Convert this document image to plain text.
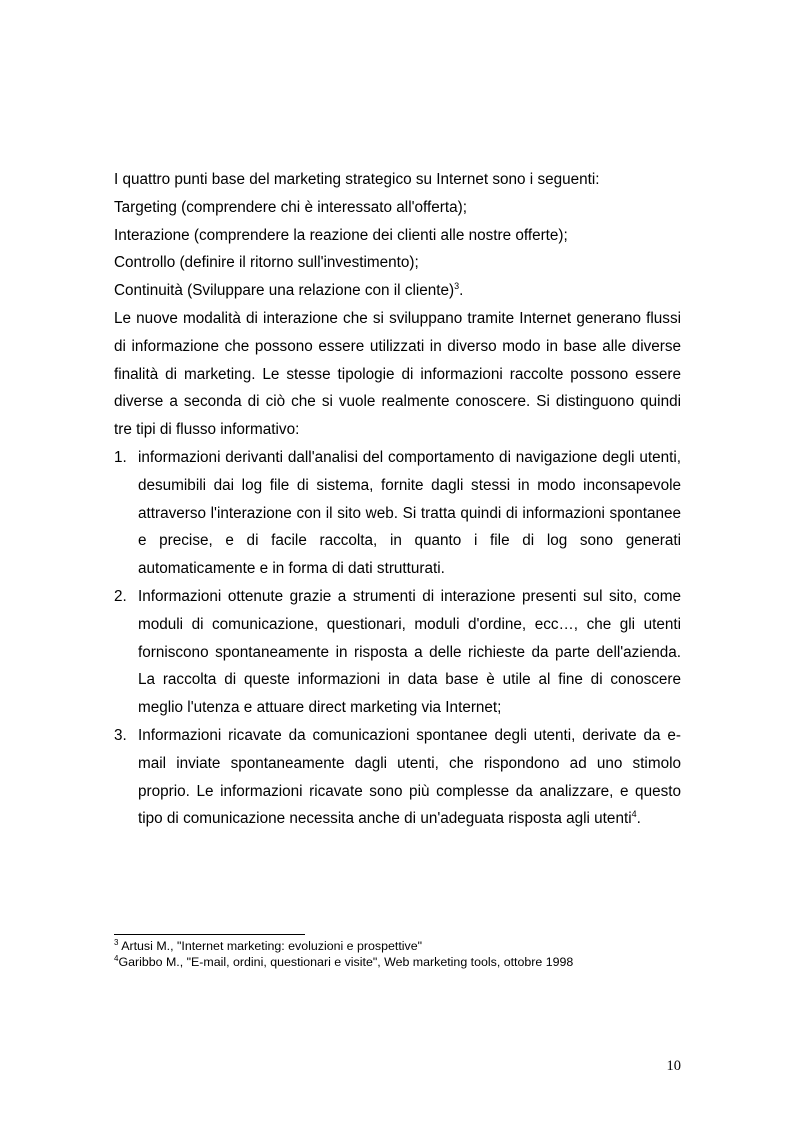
I quattro punti base del marketing strategico su Internet sono i seguenti:
Targeting (comprendere chi è interessato all'offerta);
Interazione (comprendere la reazione dei clienti alle nostre offerte);
Controllo (definire il ritorno sull'investimento);
Continuità (Sviluppare una relazione con il cliente)$^3$.

Le nuove modalità di interazione che si sviluppano tramite Internet generano flussi di informazione che possono essere utilizzati in diverso modo in base alle diverse finalità di marketing. Le stesse tipologie di informazioni raccolte possono essere diverse a seconda di ciò che si vuole realmente conoscere. Si distinguono quindi tre tipi di flusso informativo:

1. informazioni derivanti dall'analisi del comportamento di navigazione degli utenti, desumibili dai log file di sistema, fornite dagli stessi in modo inconsapevole attraverso l'interazione con il sito web. Si tratta quindi di informazioni spontanee e precise, e di facile raccolta, in quanto i file di log sono generati automaticamente e in forma di dati strutturati.
2. Informazioni ottenute grazie a strumenti di interazione presenti sul sito, come moduli di comunicazione, questionari, moduli d'ordine, ecc…, che gli utenti forniscono spontaneamente in risposta a delle richieste da parte dell'azienda. La raccolta di queste informazioni in data base è utile al fine di conoscere meglio l'utenza e attuare direct marketing via Internet;
3. Informazioni ricavate da comunicazioni spontanee degli utenti, derivate da e-mail inviate spontaneamente dagli utenti, che rispondono ad uno stimolo proprio. Le informazioni ricavate sono più complesse da analizzare, e questo tipo di comunicazione necessita anche di un'adeguata risposta agli utenti$^4$.
$^3$ Artusi M., "Internet marketing: evoluzioni e prospettive"
$^4$Garibbo M., "E-mail, ordini, questionari e visite", Web marketing tools, ottobre 1998
10
